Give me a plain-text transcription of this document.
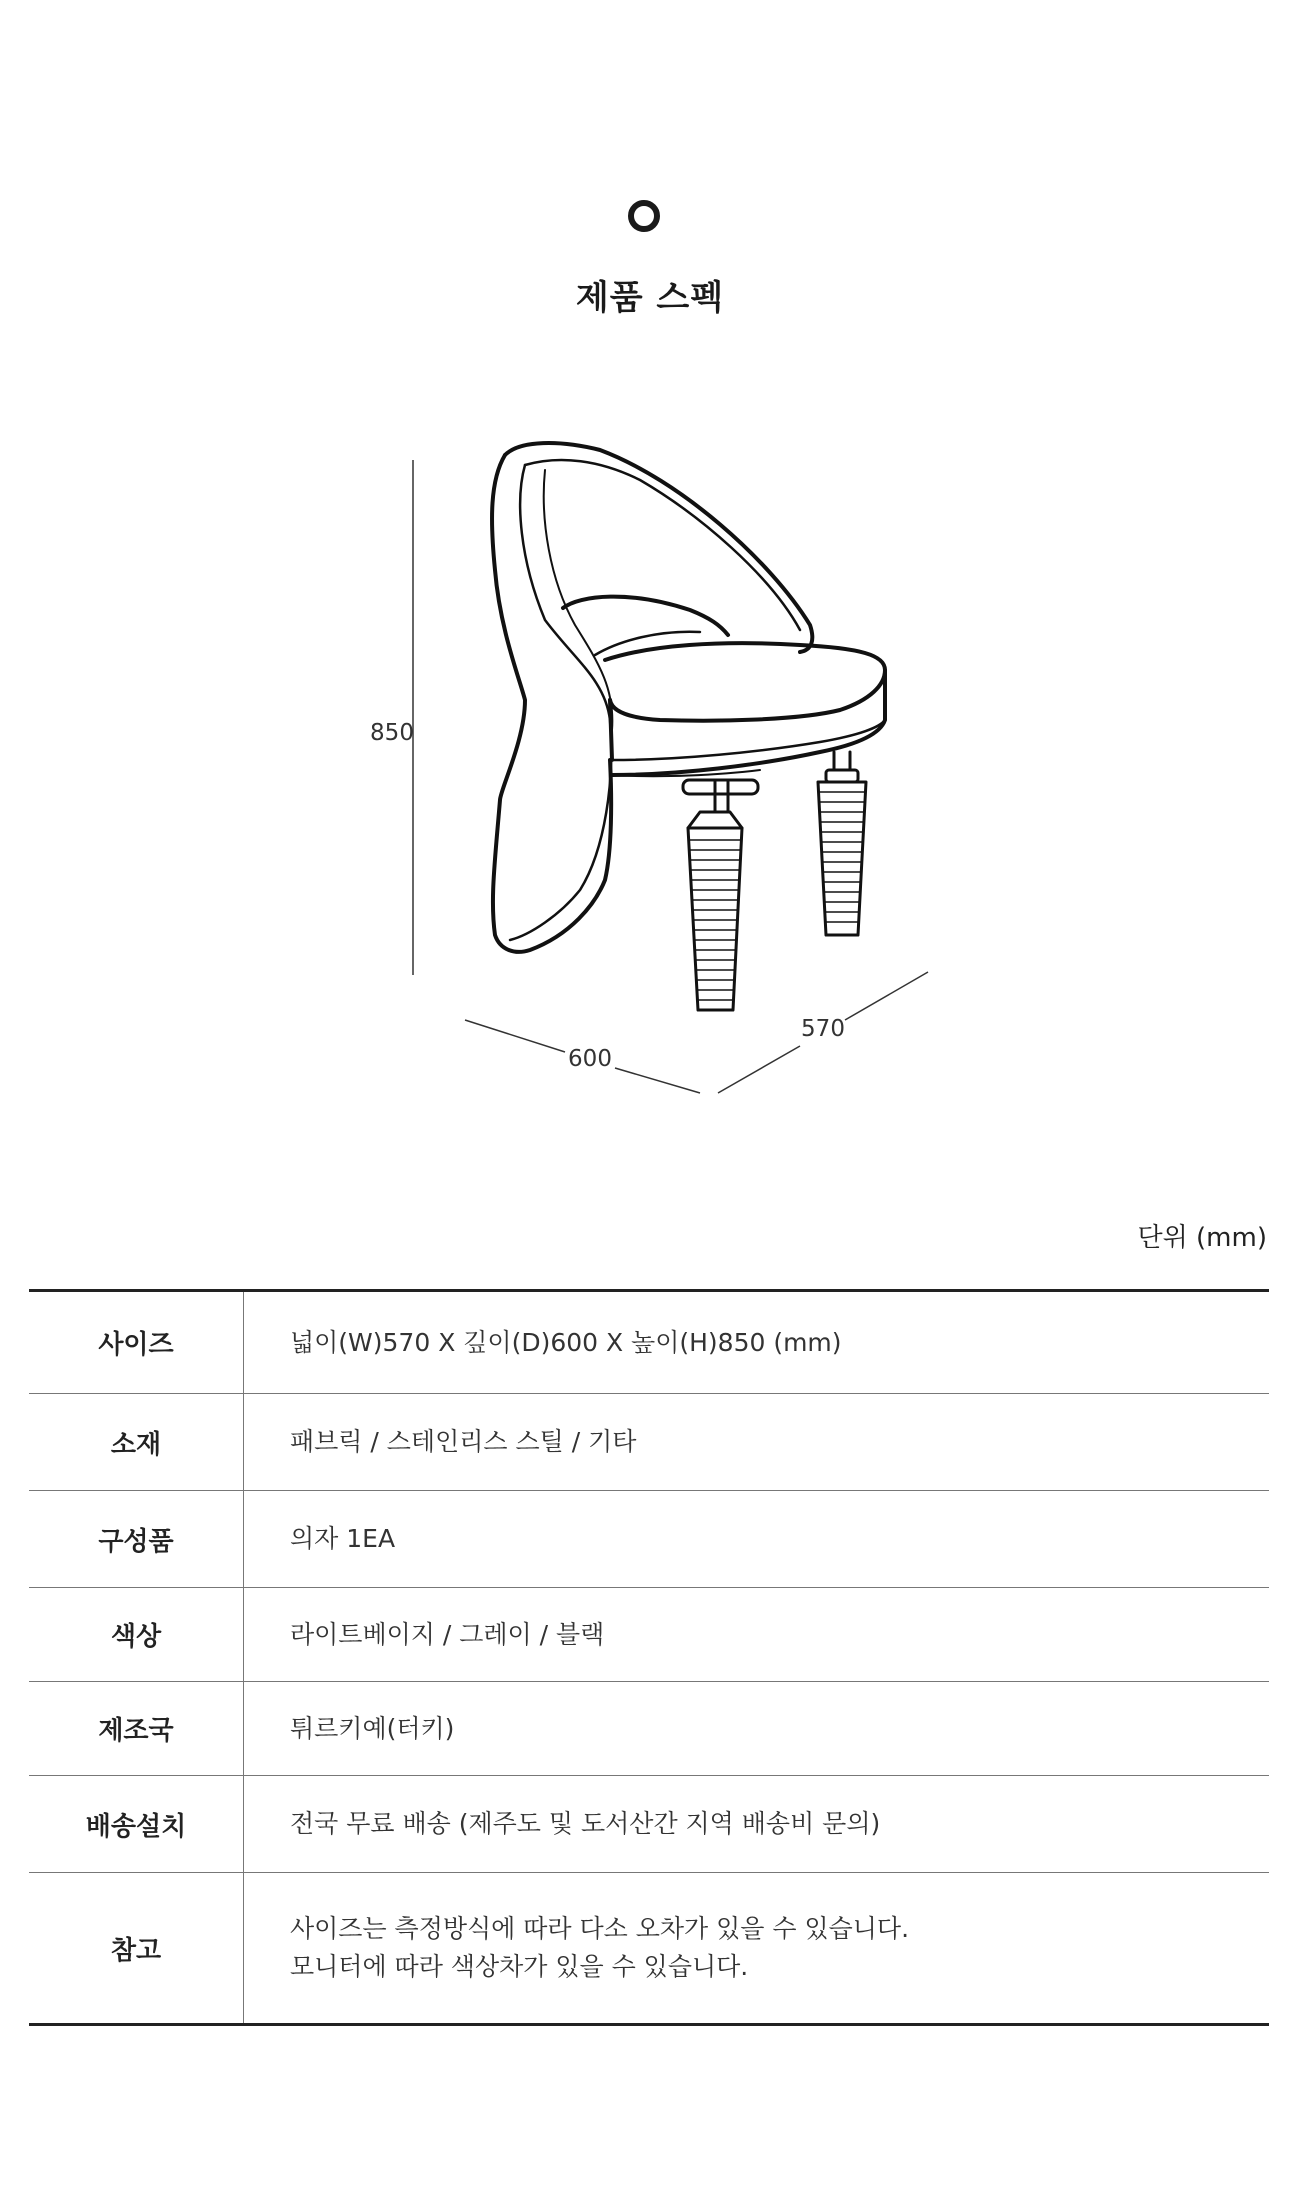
제품 스펙
850
600
570
단위 (mm)
사이즈	넓이(W)570 X 깊이(D)600 X 높이(H)850 (mm)
소재	패브릭 / 스테인리스 스틸 / 기타
구성품	의자 1EA
색상	라이트베이지 / 그레이 / 블랙
제조국	튀르키예(터키)
배송설치	전국 무료 배송 (제주도 및 도서산간 지역 배송비 문의)
참고	사이즈는 측정방식에 따라 다소 오차가 있을 수 있습니다.
모니터에 따라 색상차가 있을 수 있습니다.
